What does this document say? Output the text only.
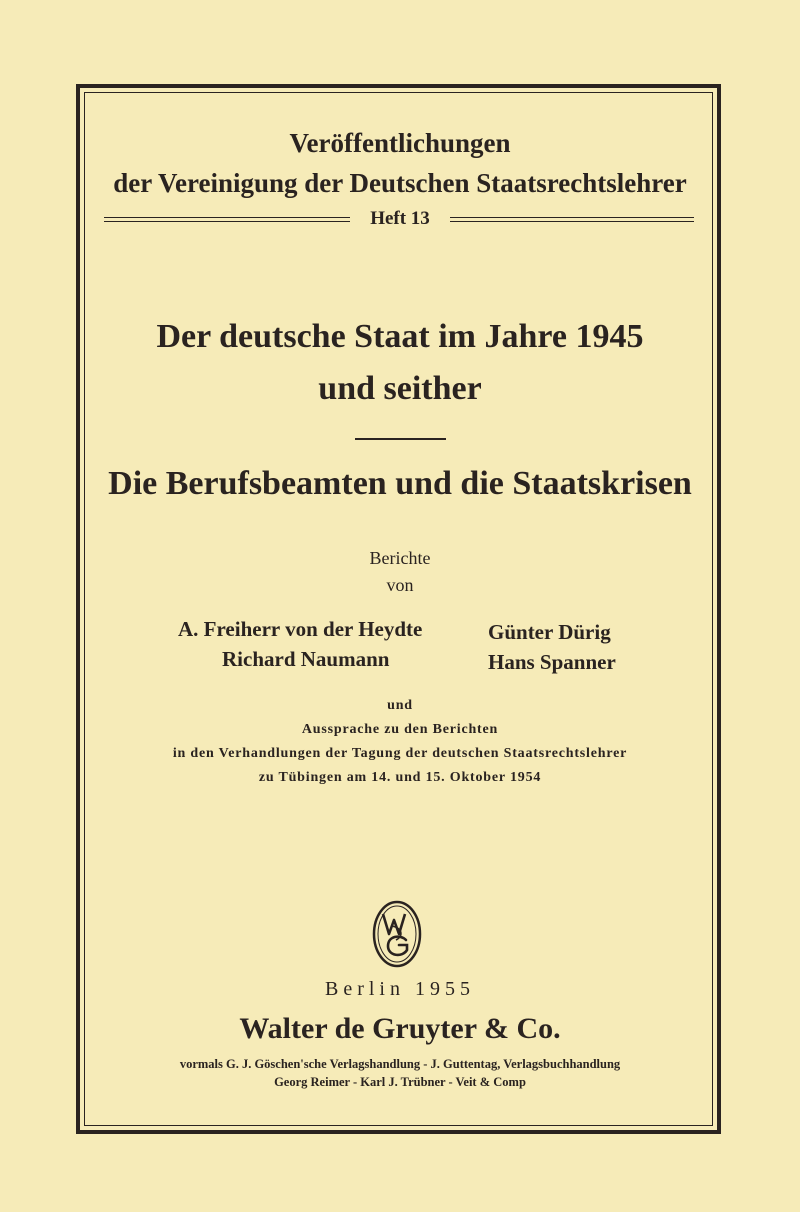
Veröffentlichungen
der Vereinigung der Deutschen Staatsrechtslehrer
Heft 13
Der deutsche Staat im Jahre 1945
und seither
Die Berufsbeamten und die Staatskrisen
Berichte
von
A. Freiherr von der Heydte	Günter Dürig
Richard Naumann	Hans Spanner
und
Aussprache zu den Berichten
in den Verhandlungen der Tagung der deutschen Staatsrechtslehrer
zu Tübingen am 14. und 15. Oktober 1954
Berlin 1955
Walter de Gruyter & Co.
vormals G. J. Göschen'sche Verlagshandlung - J. Guttentag, Verlagsbuchhandlung
Georg Reimer - Karl J. Trübner - Veit & Comp
